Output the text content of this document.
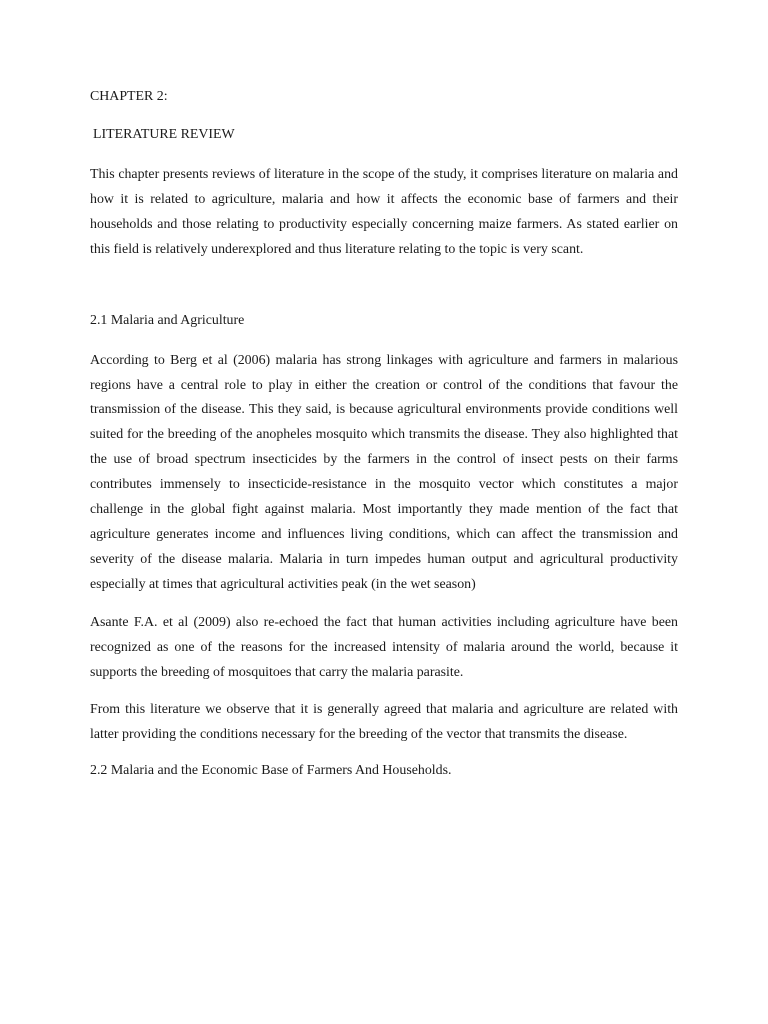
CHAPTER 2:

LITERATURE REVIEW

This chapter presents reviews of literature in the scope of the study, it comprises literature on malaria and how it is related to agriculture, malaria and how it affects the economic base of farmers and their households and those relating to productivity especially concerning maize farmers. As stated earlier on this field is relatively underexplored and thus literature relating to the topic is very scant.

2.1 Malaria and Agriculture

According to Berg et al (2006) malaria has strong linkages with agriculture and farmers in malarious regions have a central role to play in either the creation or control of the conditions that favour the transmission of the disease. This they said, is because agricultural environments provide conditions well suited for the breeding of the anopheles mosquito which transmits the disease. They also highlighted that the use of broad spectrum insecticides by the farmers in the control of insect pests on their farms contributes immensely to insecticide-resistance in the mosquito vector which constitutes a major challenge in the global fight against malaria. Most importantly they made mention of the fact that agriculture generates income and influences living conditions, which can affect the transmission and severity of the disease malaria. Malaria in turn impedes human output and agricultural productivity especially at times that agricultural activities peak (in the wet season)

Asante F.A. et al (2009) also re-echoed the fact that human activities including agriculture have been recognized as one of the reasons for the increased intensity of malaria around the world, because it supports the breeding of mosquitoes that carry the malaria parasite.

From this literature we observe that it is generally agreed that malaria and agriculture are related with latter providing the conditions necessary for the breeding of the vector that transmits the disease.

2.2 Malaria and the Economic Base of Farmers And Households.
